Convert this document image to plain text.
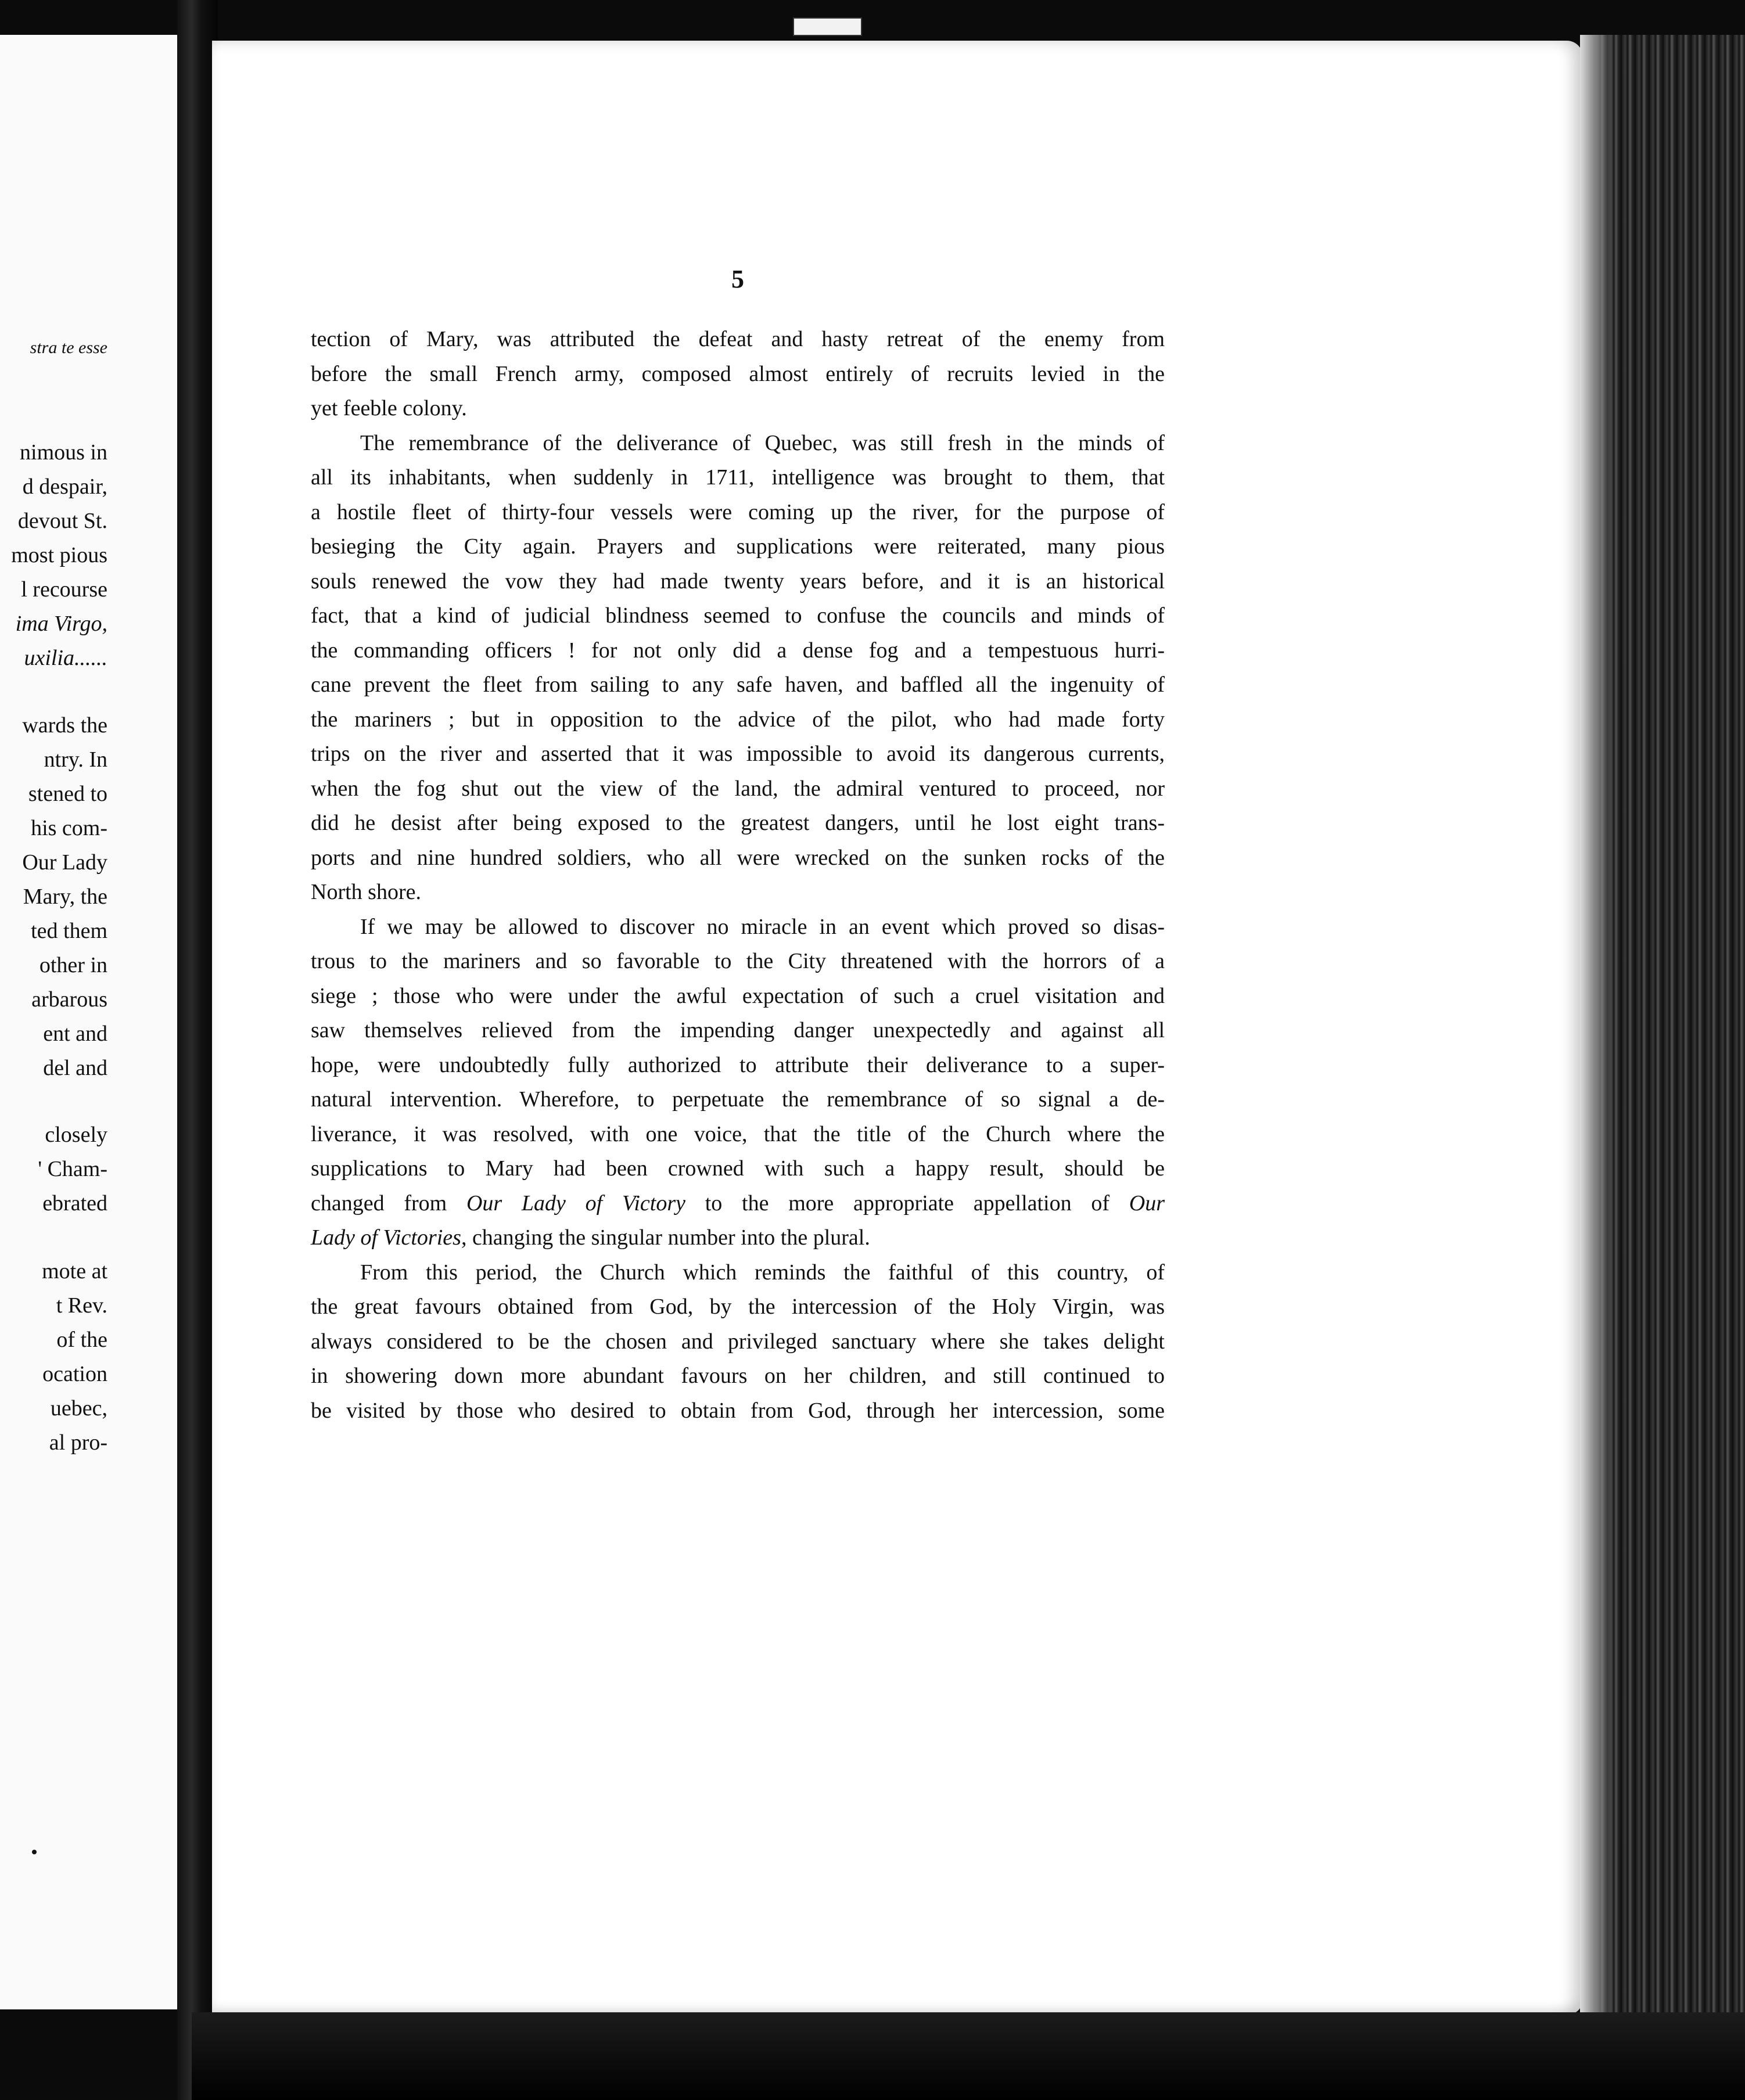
stra te esse
nimous in
d despair,
devout St.
most pious
l recourse
ima Virgo,
uxilia......
wards the
ntry. In
stened to
his com-
Our Lady
Mary, the
ted them
other in
arbarous
ent and
del and
closely
' Cham-
ebrated
mote at
t Rev.
of the
ocation
uebec,
al pro-
5
tection of Mary, was attributed the defeat and hasty retreat of the enemy from
before the small French army, composed almost entirely of recruits levied in the
yet feeble colony.
The remembrance of the deliverance of Quebec, was still fresh in the minds of
all its inhabitants, when suddenly in 1711, intelligence was brought to them, that
a hostile fleet of thirty-four vessels were coming up the river, for the purpose of
besieging the City again. Prayers and supplications were reiterated, many pious
souls renewed the vow they had made twenty years before, and it is an historical
fact, that a kind of judicial blindness seemed to confuse the councils and minds of
the commanding officers ! for not only did a dense fog and a tempestuous hurri-
cane prevent the fleet from sailing to any safe haven, and baffled all the ingenuity of
the mariners ; but in opposition to the advice of the pilot, who had made forty
trips on the river and asserted that it was impossible to avoid its dangerous currents,
when the fog shut out the view of the land, the admiral ventured to proceed, nor
did he desist after being exposed to the greatest dangers, until he lost eight trans-
ports and nine hundred soldiers, who all were wrecked on the sunken rocks of the
North shore.
If we may be allowed to discover no miracle in an event which proved so disas-
trous to the mariners and so favorable to the City threatened with the horrors of a
siege ; those who were under the awful expectation of such a cruel visitation and
saw themselves relieved from the impending danger unexpectedly and against all
hope, were undoubtedly fully authorized to attribute their deliverance to a super-
natural intervention. Wherefore, to perpetuate the remembrance of so signal a de-
liverance, it was resolved, with one voice, that the title of the Church where the
supplications to Mary had been crowned with such a happy result, should be
changed from Our Lady of Victory to the more appropriate appellation of Our
Lady of Victories, changing the singular number into the plural.
From this period, the Church which reminds the faithful of this country, of
the great favours obtained from God, by the intercession of the Holy Virgin, was
always considered to be the chosen and privileged sanctuary where she takes delight
in showering down more abundant favours on her children, and still continued to
be visited by those who desired to obtain from God, through her intercession, some
